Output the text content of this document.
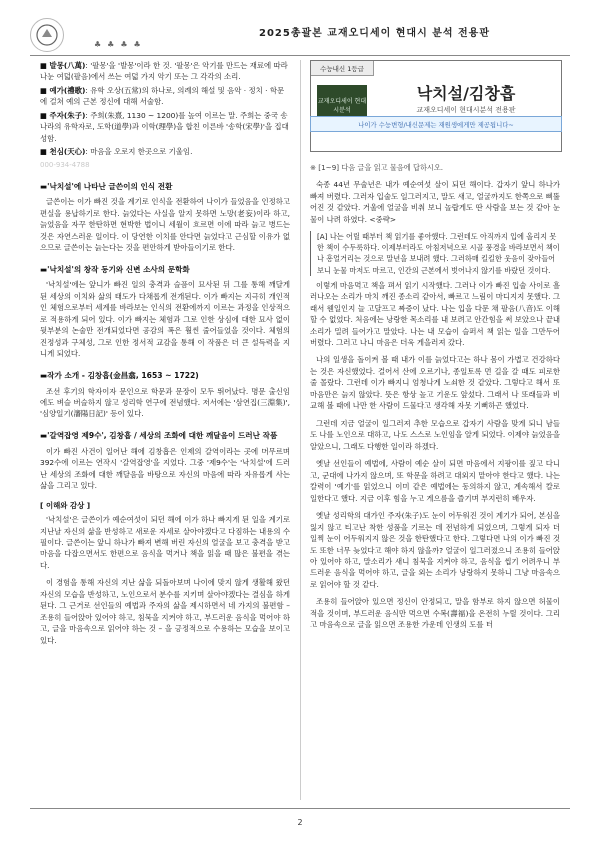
♣ ♣ ♣ ♣
2025총괄본 교재오디세이 현대시 분석 전용판
■ 발몽(八萬): '팔몽'을 '발몽'이라 한 것. '팔몽'은 악기를 만드는 재료에 따라 나눈 여덟(팔음)에서 쓰는 여덟 가지 악기 또는 그 각각의 소리.
■ 예가(禮歌): 유학 오상(五常)의 하나로, 의례의 해설 및 음악 · 정치 · 학문에 걸쳐 예의 근본 정신에 대해 서술함.
■ 주자(朱子): 주희(朱熹, 1130 ~ 1200)를 높여 이르는 말. 주희는 중국 송나라의 유학자로, 도학(道學)과 이학(理學)을 합친 이른바 '송학(宋學)'을 집대성함.
■ 천심(天心): 마음을 오로지 한곳으로 기울임.
000-934-4788
▬'낙치설'에 나타난 글쓴이의 인식 전환

글쓴이는 이가 빠진 것을 계기로 인식을 전환하여 나이가 들었음을 인정하고 편실을 용납하기로 한다. 늙었다는 사실을 알지 못하면 노망(老妄)이라 하고, 늙었음을 자꾸 한탄하면 현박한 법이니 세월이 흐르면 이에 따라 늙고 병드는 것은 자연스러운 일이다. 이 당연한 이치를 안다면 늙었다고 근심할 이유가 없으므로 글쓴이는 늙는다는 것을 편안하게 받아들이기로 한다.

▬'낙치설'의 창작 동기와 신변 소사의 문학화

'낙치설'에는 앞니가 빠진 일의 충격과 슬픔이 묘사된 뒤 그를 통해 깨달게 된 세상의 이치와 삶의 태도가 다채롭게 전개된다. 이가 빠지는 지극히 개인적인 체험으로부터 세계를 바라보는 인식의 전환에까지 이르는 과정을 인상적으로 적용하게 되어 있다. 이가 빠지는 체험과 그로 인한 상심에 대한 묘사 없이 뒷부분의 논술만 전개되었다면 공감의 폭은 훨씬 줄어들었을 것이다. 체험의 진정성과 구체성, 그로 인한 정서적 교감을 통해 이 작품은 더 큰 설득력을 지니게 되었다.

▬작가 소개 - 김창흡(金昌翕, 1653 ~ 1722)

조선 후기의 학자이자 문인으로 학문과 문장이 모두 뛰어났다. 명문 출신임에도 벼슬 버슬하지 않고 성리학 연구에 전념했다. 저서에는 '삼연집(三淵集)', '심양일기(瀋陽日記)' 등이 있다.

▬'갈역잡영 제9수', 김창흡 / 세상의 조화에 대한 깨달음이 드러난 작품

이가 빠진 사건이 일어난 해에 김창흡은 인제의 갈역이라는 곳에 머무르며 392수에 이르는 연작시 '갈역잡영'을 지었다. 그중 '제9수'는 '낙치설'에 드러난 세상의 조화에 대한 깨달음을 바탕으로 자신의 마음에 따라 자유롭게 사는 삶을 그리고 있다.

[ 이해와 감상 ]

'낙치설'은 글쓴이가 예순여섯이 되던 해에 이가 하나 빠지게 된 일을 계기로 지난날 자신의 삶을 반성하고 새로운 자세로 살아야겠다고 다짐하는 내용의 수필이다. 글쓴이는 앞니 하나가 빠져 변해 버린 자신의 얼굴을 보고 충격을 받고 마음을 다잡으면서도 한편으로 음식을 먹거나 책을 읽을 때 많은 불편을 겪는다.

이 경험을 통해 자신의 지난 삶을 되돌아보며 나이에 맞지 않게 생활해 왔던 자신의 모습을 반성하고, 노인으로서 분수를 지키며 살아야겠다는 결심을 하게 된다. 그 근거로 선인들의 예법과 주자의 삶을 제시하면서 네 가지의 불편함 – 조용히 들어앉아 있어야 하고, 침묵을 지켜야 하고, 부드러운 음식을 먹어야 하고, 글을 마음속으로 읽어야 하는 것 – 을 긍정적으로 수용하는 모습을 보이고 있다.

수능내신 1등급
교재오디세이 현대시분석
낙치설/김창흡
교재오디세이 현대시분석 전용판
나이가 수능변형/내신문제는 재원생에게만 제공됩니다~
※ [1~9] 다음 글을 읽고 물음에 답하시오.

숙종 44년 무술년은 내가 예순여섯 살이 되던 해이다. 갑자기 앞니 하나가 빠져 버렸다. 그러자 입술도 일그러지고, 말도 새고, 얼굴까지도 한쪽으로 삐뚤어진 것 같았다. 거울에 얼굴을 비춰 보니 놀랍게도 딴 사람을 보는 것 같아 눈물이 나려 하였다. <중략>

[A] 나는 어릴 때부터 책 읽기를 좋아했다. 그런데도 아직까지 입에 올리지 못한 책이 수두룩하다. 이제부터라도 아침저녁으로 시골 풍경을 바라보면서 책이나 흥얼거리는 것으로 말년을 보내려 했다. 그러하매 킬킬한 웃음이 잦아들어 보니 눈물 마저도 마르고, 인간의 근본에서 벗어나지 않기를 바랐던 것이다.

이렇게 마음먹고 책을 펴서 읽기 시작했다. 그러나 이가 빠진 입술 사이로 흘러나오는 소리가 마치 깨진 종소리 같아서, 빠르고 느림이 마디지지 못했다. 그래서 웬일인지 늘 고달프고 짜증이 났다. 나는 입을 다문 채 팔음(八音)도 이해할 수 없었다. 처음에는 낭랑한 목소리를 내 보려고 안간힘을 써 보았으나 끝내 소리가 밀려 들어가고 말았다. 나는 내 모습이 슬퍼서 책 읽는 일을 그만두어 버렸다. 그러고 나니 마음은 더욱 게을러져 갔다.

나의 일생을 돌이켜 볼 때 내가 이를 늙었다고는 하나 몸이 가볍고 건강하다는 것은 자신했었다. 걸어서 산에 오르기나, 종일토록 먼 길을 갈 때도 피로한 줄 몰랐다. 그런데 이가 빠지니 엄청나게 노쇠한 것 같았다. 그렇다고 해서 또 마음만은 늙지 않았다. 뜻은 항상 높고 기운도 앞섰다. 그래서 나 또래들과 비교해 볼 때에 나만 한 사람이 드물다고 생각해 자못 기뻐하곤 했었다.

그런데 지금 얼굴이 일그러져 추한 모습으로 갑자기 사람을 맞게 되니 남들도 나를 노인으로 대하고, 나도 스스로 노인임을 알게 되었다. 이제야 늙었음을 알았으니, 그래도 다행한 일이라 하겠다.

옛날 선인들이 예법에, 사람이 예순 살이 되면 마음에서 지팡이를 짚고 다니고, 군대에 나가지 않으며, 또 학문을 하려고 대외지 맡아야 한다고 했다. 나는 칼력이 '예기'를 읽었으니 이미 같은 예법에는 동의하지 않고, 계속해서 칼로 일한다고 했다. 지금 이후 힘을 누고 게으름을 즐기며 부지런히 배우자.

옛날 성리학의 대가인 주자(朱子)도 눈이 어두워진 것이 계기가 되어, 본심을 잃지 않고 티고난 착한 성품을 기르는 데 전념하게 되었으며, 그렇게 되자 더 일찍 눈이 어두워지지 않은 것을 한탄했다고 한다. 그렇다면 나의 이가 빠진 것도 또한 너무 늦었다고 해야 하지 않을까? 얼굴이 일그러졌으니 조용히 들어앉아 있어야 하고, 말소리가 새니 침묵을 지켜야 하고, 음식을 씹기 어려우니 부드러운 음식을 먹어야 하고, 글을 외는 소리가 낭랑하지 못하니 그냥 마음속으로 읽어야 할 것 같다.

조용히 들어앉아 있으면 정신이 안정되고, 말을 함부로 하지 않으면 허물이 적을 것이며, 부드러운 음식만 먹으면 수복(壽福)을 온전히 누릴 것이다. 그리고 마음속으로 글을 읽으면 조용한 가운데 인생의 도를 터

2
